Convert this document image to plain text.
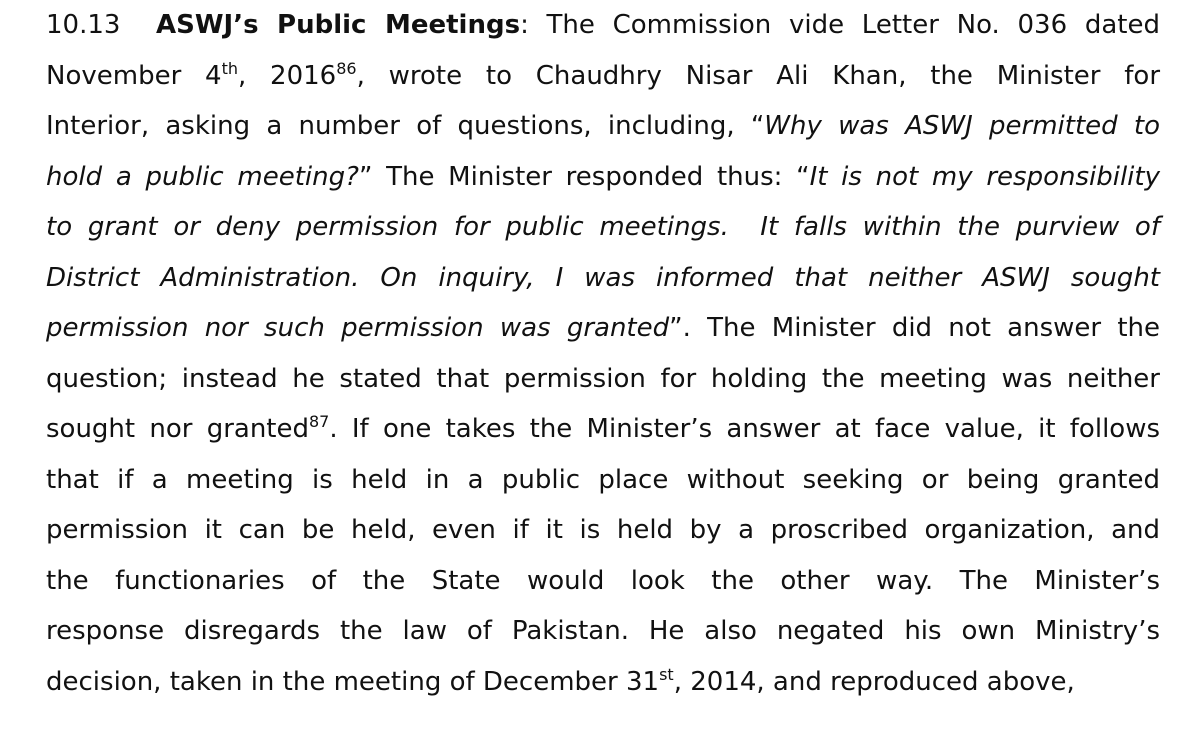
10.13 ASWJ’s Public Meetings: The Commission vide Letter No. 036 dated
November 4th, 2016$^{86}$, wrote to Chaudhry Nisar Ali Khan, the Minister for
Interior, asking a number of questions, including, “Why was ASWJ permitted to
hold a public meeting?” The Minister responded thus: “It is not my responsibility
to grant or deny permission for public meetings.  It falls within the purview of
District Administration. On inquiry, I was informed that neither ASWJ sought
permission nor such permission was granted”. The Minister did not answer the
question; instead he stated that permission for holding the meeting was neither
sought nor granted$^{87}$. If one takes the Minister’s answer at face value, it follows
that if a meeting is held in a public place without seeking or being granted
permission it can be held, even if it is held by a proscribed organization, and
the functionaries of the State would look the other way. The Minister’s
response disregards the law of Pakistan. He also negated his own Ministry’s
decision, taken in the meeting of December 31st, 2014, and reproduced above,
